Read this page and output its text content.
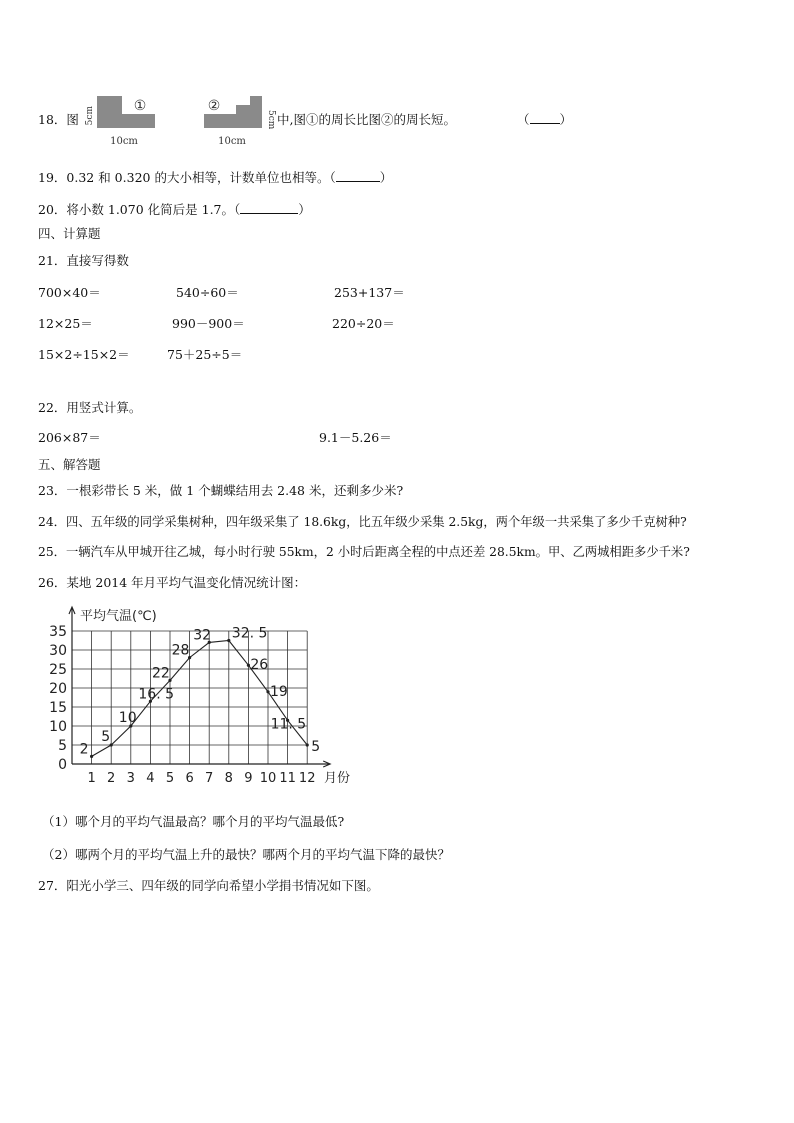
18．图 5cm	①
10cm
②
5cm
10cm
中,图①的周长比图②的周长短。	（ ）
19．0.32 和 0.320 的大小相等，计数单位也相等。（	）
20．将小数 1.070 化简后是 1.7。（	）
四、计算题
21．直接写得数
700×40＝	540÷60＝	253+137＝
12×25＝	990－900＝	220÷20＝
15×2÷15×2＝	75＋25÷5＝
22．用竖式计算。
206×87＝	9.1－5.26＝
五、解答题
23．一根彩带长 5 米，做 1 个蝴蝶结用去 2.48 米，还剩多少米?
24．四、五年级的同学采集树种，四年级采集了 18.6kg，比五年级少采集 2.5kg，两个年级一共采集了多少千克树种?
25．一辆汽车从甲城开往乙城，每小时行驶 55km，2 小时后距离全程的中点还差 28.5km。甲、乙两城相距多少千米?
26．某地 2014 年月平均气温变化情况统计图：
0
5
10
15
20
25
30
35
1 2 3 4 5 6 7 8 9 10 11 12
2
5
10
16. 5
22
28
32 32. 5
26
19
11. 5
5
平均气温(℃)
月份
（1）哪个月的平均气温最高？哪个月的平均气温最低?
（2）哪两个月的平均气温上升的最快？哪两个月的平均气温下降的最快？
27．阳光小学三、四年级的同学向希望小学捐书情况如下图。
